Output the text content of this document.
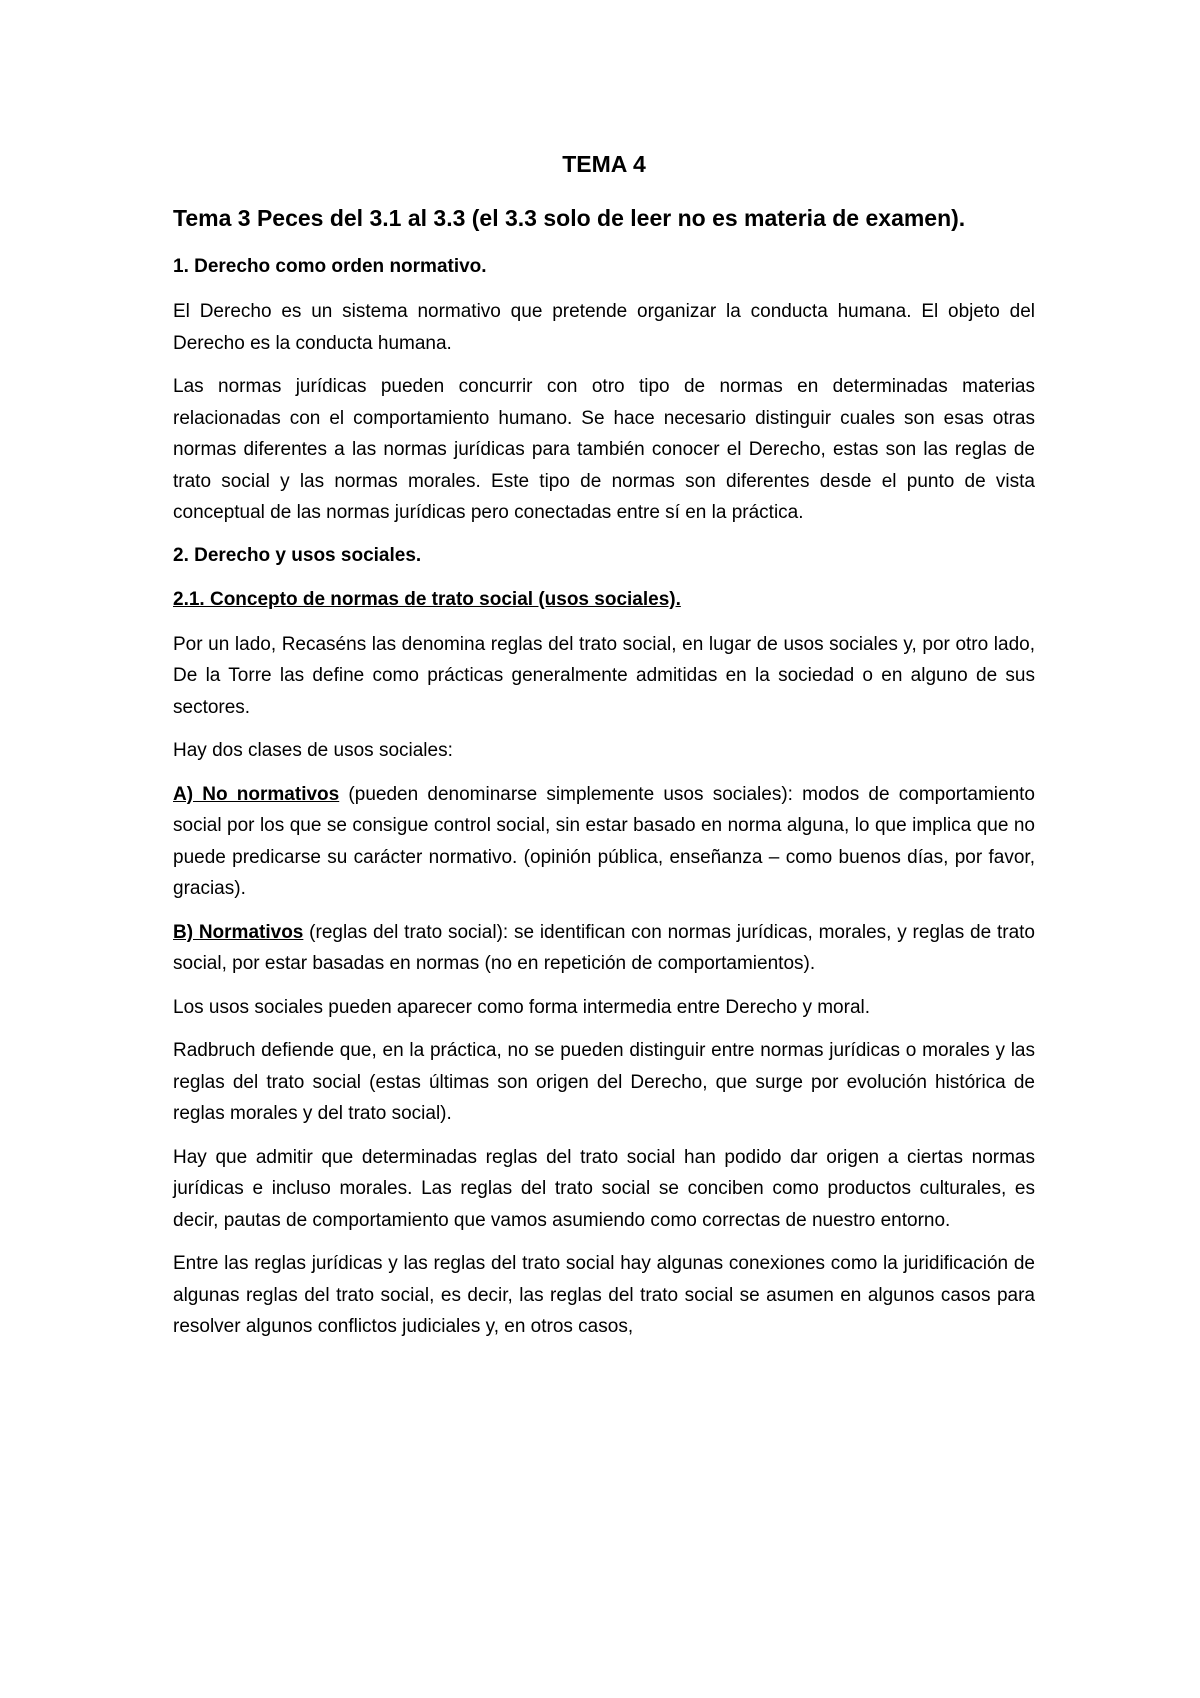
TEMA 4
Tema 3 Peces del 3.1 al 3.3 (el 3.3 solo de leer no es materia de examen).
1. Derecho como orden normativo.

El Derecho es un sistema normativo que pretende organizar la conducta humana. El objeto del Derecho es la conducta humana.

Las normas jurídicas pueden concurrir con otro tipo de normas en determinadas materias relacionadas con el comportamiento humano. Se hace necesario distinguir cuales son esas otras normas diferentes a las normas jurídicas para también conocer el Derecho, estas son las reglas de trato social y las normas morales. Este tipo de normas son diferentes desde el punto de vista conceptual de las normas jurídicas pero conectadas entre sí en la práctica.

2. Derecho y usos sociales.
2.1. Concepto de normas de trato social (usos sociales).

Por un lado, Recaséns las denomina reglas del trato social, en lugar de usos sociales y, por otro lado, De la Torre las define como prácticas generalmente admitidas en la sociedad o en alguno de sus sectores.

Hay dos clases de usos sociales:

A) No normativos (pueden denominarse simplemente usos sociales): modos de comportamiento social por los que se consigue control social, sin estar basado en norma alguna, lo que implica que no puede predicarse su carácter normativo. (opinión pública, enseñanza – como buenos días, por favor, gracias).

B) Normativos (reglas del trato social): se identifican con normas jurídicas, morales, y reglas de trato social, por estar basadas en normas (no en repetición de comportamientos).

Los usos sociales pueden aparecer como forma intermedia entre Derecho y moral.

Radbruch defiende que, en la práctica, no se pueden distinguir entre normas jurídicas o morales y las reglas del trato social (estas últimas son origen del Derecho, que surge por evolución histórica de reglas morales y del trato social).

Hay que admitir que determinadas reglas del trato social han podido dar origen a ciertas normas jurídicas e incluso morales. Las reglas del trato social se conciben como productos culturales, es decir, pautas de comportamiento que vamos asumiendo como correctas de nuestro entorno.

Entre las reglas jurídicas y las reglas del trato social hay algunas conexiones como la juridificación de algunas reglas del trato social, es decir, las reglas del trato social se asumen en algunos casos para resolver algunos conflictos judiciales y, en otros casos,
